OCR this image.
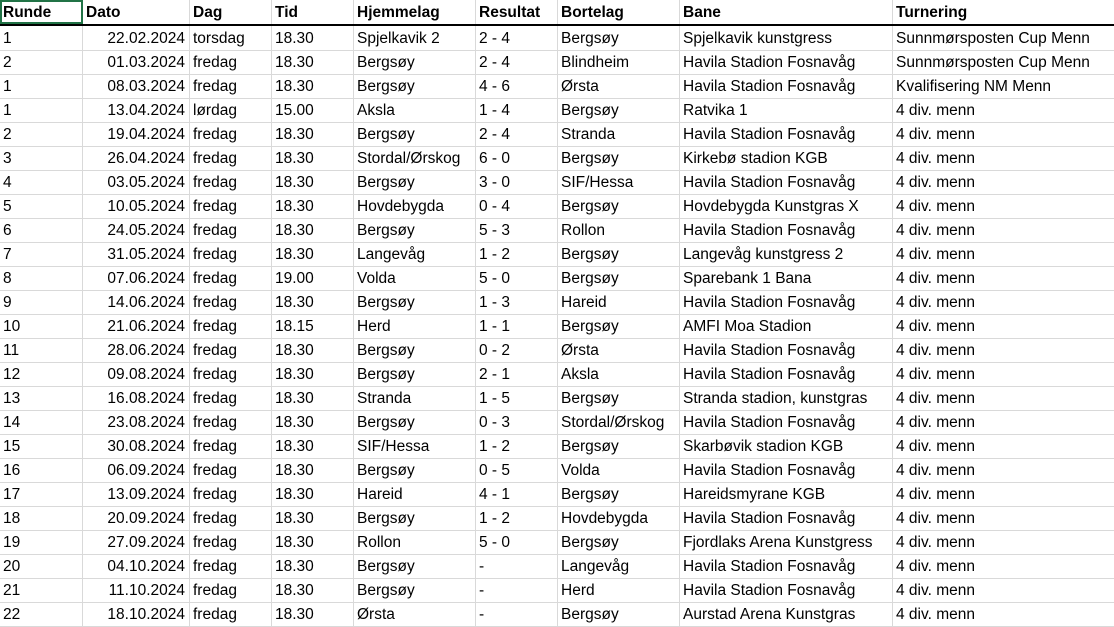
Runde	Dato	Dag	Tid	Hjemmelag	Resultat	Bortelag	Bane	Turnering
1	22.02.2024 torsdag	18.30	Spjelkavik 2	2 - 4	Bergsøy	Spjelkavik kunstgress	Sunnmørsposten Cup Menn
2	01.03.2024 fredag	18.30	Bergsøy	2 - 4	Blindheim	Havila Stadion Fosnavåg	Sunnmørsposten Cup Menn
1	08.03.2024 fredag	18.30	Bergsøy	4 - 6	Ørsta	Havila Stadion Fosnavåg	Kvalifisering NM Menn
1	13.04.2024 lørdag	15.00	Aksla	1 - 4	Bergsøy	Ratvika 1	4 div. menn
2	19.04.2024 fredag	18.30	Bergsøy	2 - 4	Stranda	Havila Stadion Fosnavåg	4 div. menn
3	26.04.2024 fredag	18.30	Stordal/Ørskog	6 - 0	Bergsøy	Kirkebø stadion KGB	4 div. menn
4	03.05.2024 fredag	18.30	Bergsøy	3 - 0	SIF/Hessa	Havila Stadion Fosnavåg	4 div. menn
5	10.05.2024 fredag	18.30	Hovdebygda	0 - 4	Bergsøy	Hovdebygda Kunstgras X	4 div. menn
6	24.05.2024 fredag	18.30	Bergsøy	5 - 3	Rollon	Havila Stadion Fosnavåg	4 div. menn
7	31.05.2024 fredag	18.30	Langevåg	1 - 2	Bergsøy	Langevåg kunstgress 2	4 div. menn
8	07.06.2024 fredag	19.00	Volda	5 - 0	Bergsøy	Sparebank 1 Bana	4 div. menn
9	14.06.2024 fredag	18.30	Bergsøy	1 - 3	Hareid	Havila Stadion Fosnavåg	4 div. menn
10	21.06.2024 fredag	18.15	Herd	1 - 1	Bergsøy	AMFI Moa Stadion	4 div. menn
11	28.06.2024 fredag	18.30	Bergsøy	0 - 2	Ørsta	Havila Stadion Fosnavåg	4 div. menn
12	09.08.2024 fredag	18.30	Bergsøy	2 - 1	Aksla	Havila Stadion Fosnavåg	4 div. menn
13	16.08.2024 fredag	18.30	Stranda	1 - 5	Bergsøy	Stranda stadion, kunstgras	4 div. menn
14	23.08.2024 fredag	18.30	Bergsøy	0 - 3	Stordal/Ørskog	Havila Stadion Fosnavåg	4 div. menn
15	30.08.2024 fredag	18.30	SIF/Hessa	1 - 2	Bergsøy	Skarbøvik stadion KGB	4 div. menn
16	06.09.2024 fredag	18.30	Bergsøy	0 - 5	Volda	Havila Stadion Fosnavåg	4 div. menn
17	13.09.2024 fredag	18.30	Hareid	4 - 1	Bergsøy	Hareidsmyrane KGB	4 div. menn
18	20.09.2024 fredag	18.30	Bergsøy	1 - 2	Hovdebygda	Havila Stadion Fosnavåg	4 div. menn
19	27.09.2024 fredag	18.30	Rollon	5 - 0	Bergsøy	Fjordlaks Arena Kunstgress	4 div. menn
20	04.10.2024 fredag	18.30	Bergsøy	-	Langevåg	Havila Stadion Fosnavåg	4 div. menn
21	11.10.2024 fredag	18.30	Bergsøy	-	Herd	Havila Stadion Fosnavåg	4 div. menn
22	18.10.2024 fredag	18.30	Ørsta	-	Bergsøy	Aurstad Arena Kunstgras	4 div. menn
